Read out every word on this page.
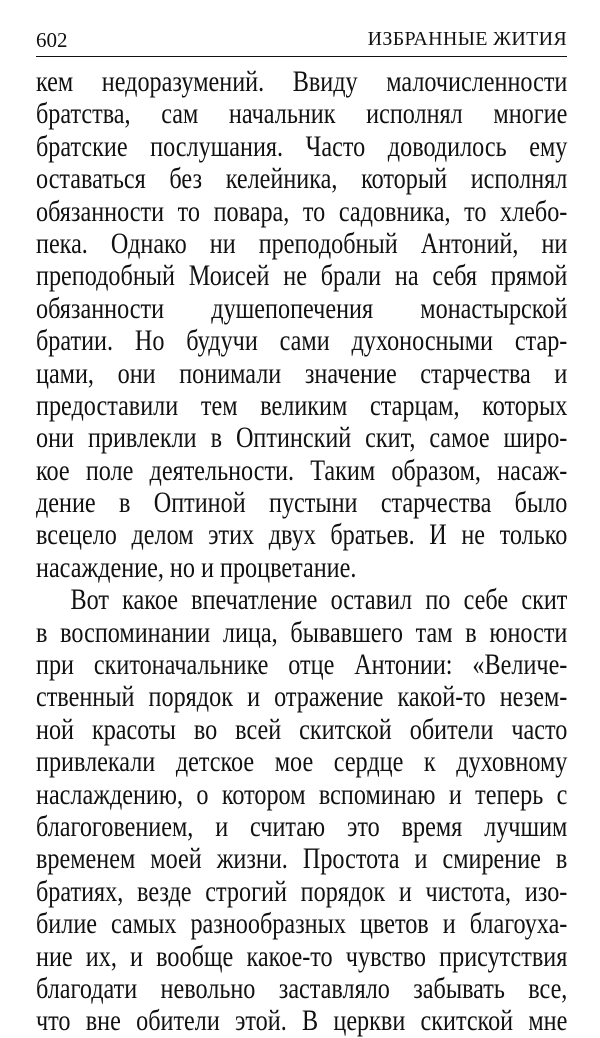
602	ИЗБРАННЫЕ ЖИТИЯ
кем недоразумений. Ввиду малочисленности
братства, сам начальник исполнял многие
братские послушания. Часто доводилось ему
оставаться без келейника, который исполнял
обязанности то повара, то садовника, то хлебо-
пека. Однако ни преподобный Антоний, ни
преподобный Моисей не брали на себя прямой
обязанности душепопечения монастырской
братии. Но будучи сами духоносными стар-
цами, они понимали значение старчества и
предоставили тем великим старцам, которых
они привлекли в Оптинский скит, самое широ-
кое поле деятельности. Таким образом, насаж-
дение в Оптиной пустыни старчества было
всецело делом этих двух братьев. И не только
насаждение, но и процветание.
Вот какое впечатление оставил по себе скит
в воспоминании лица, бывавшего там в юности
при скитоначальнике отце Антонии: «Величе-
ственный порядок и отражение какой-то незем-
ной красоты во всей скитской обители часто
привлекали детское мое сердце к духовному
наслаждению, о котором вспоминаю и теперь с
благоговением, и считаю это время лучшим
временем моей жизни. Простота и смирение в
братиях, везде строгий порядок и чистота, изо-
билие самых разнообразных цветов и благоуха-
ние их, и вообще какое-то чувство присутствия
благодати невольно заставляло забывать все,
что вне обители этой. В церкви скитской мне
